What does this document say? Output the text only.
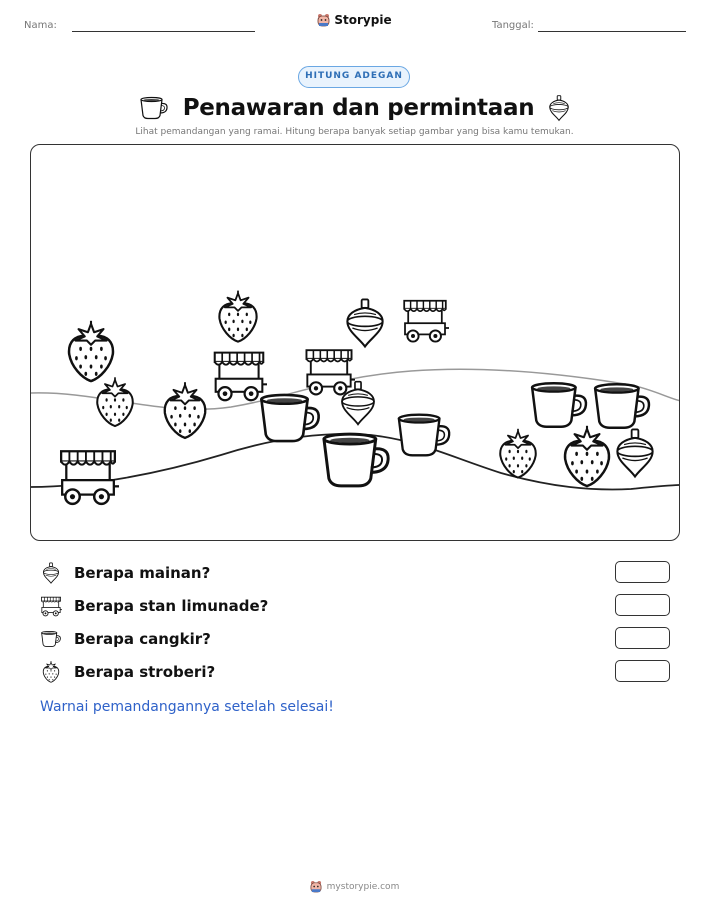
Nama:	Storypie	Tanggal:
HITUNG ADEGAN
Penawaran dan permintaan
Lihat pemandangan yang ramai. Hitung berapa banyak setiap gambar yang bisa kamu temukan.
Berapa mainan?
Berapa stan limunade?
Berapa cangkir?
Berapa stroberi?
Warnai pemandangannya setelah selesai!
mystorypie.com
